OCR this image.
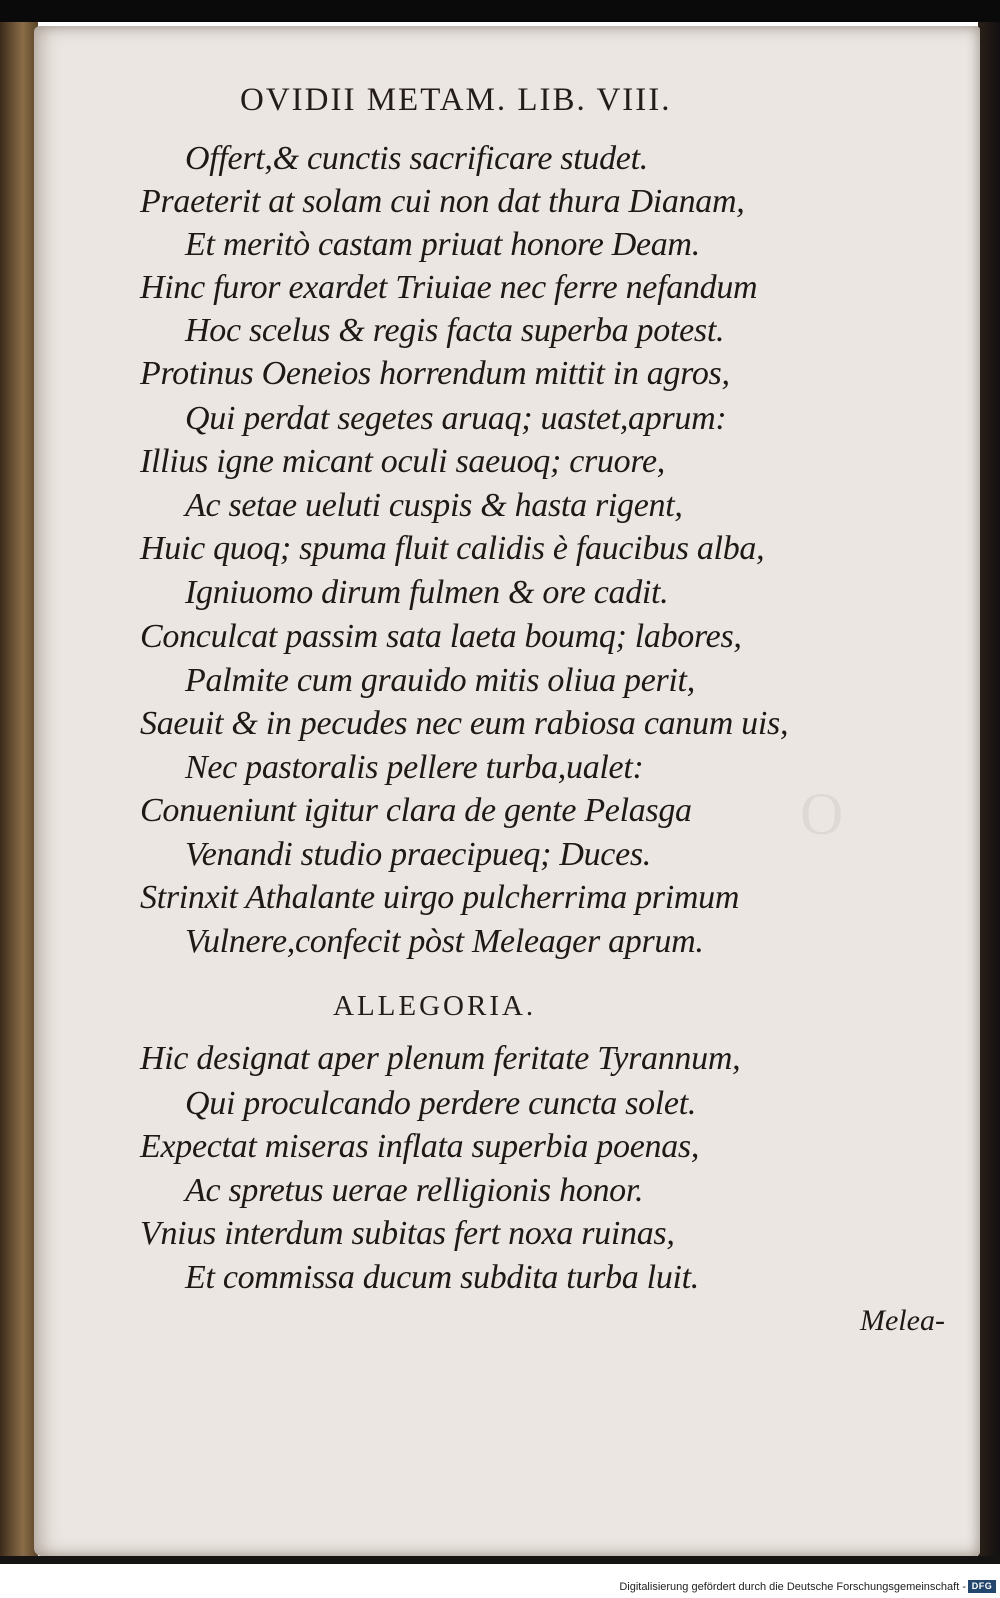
O
OVIDII METAM. LIB. VIII.
Offert,& cunctis sacrificare studet.
Praeterit at solam cui non dat thura Dianam,
Et meritò castam priuat honore Deam.
Hinc furor exardet Triuiae nec ferre nefandum
Hoc scelus & regis facta superba potest.
Protinus Oeneios horrendum mittit in agros,
Qui perdat segetes aruaq; uastet,aprum:
Illius igne micant oculi saeuoq; cruore,
Ac setae ueluti cuspis & hasta rigent,
Huic quoq; spuma fluit calidis è faucibus alba,
Igniuomo dirum fulmen & ore cadit.
Conculcat passim sata laeta boumq; labores,
Palmite cum grauido mitis oliua perit,
Saeuit & in pecudes nec eum rabiosa canum uis,
Nec pastoralis pellere turba,ualet:
Conueniunt igitur clara de gente Pelasga
Venandi studio praecipueq; Duces.
Strinxit Athalante uirgo pulcherrima primum
Vulnere,confecit pòst Meleager aprum.
ALLEGORIA.
Hic designat aper plenum feritate Tyrannum,
Qui proculcando perdere cuncta solet.
Expectat miseras inflata superbia poenas,
Ac spretus uerae relligionis honor.
Vnius interdum subitas fert noxa ruinas,
Et commissa ducum subdita turba luit.
Melea-
Digitalisierung gefördert durch die Deutsche Forschungsgemeinschaft - DFG
